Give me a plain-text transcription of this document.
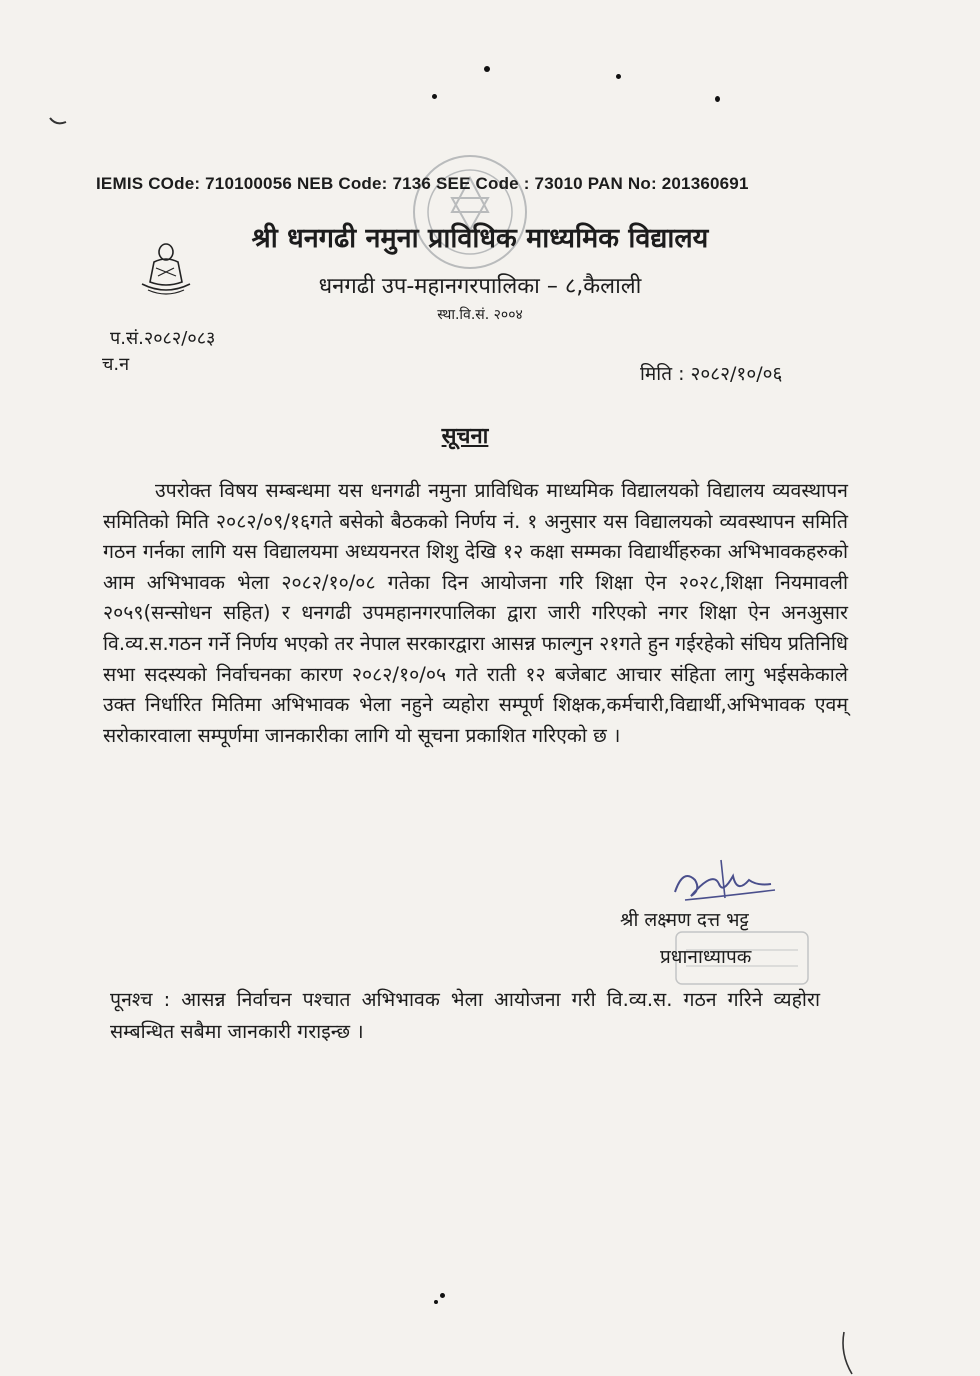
IEMIS COde: 710100056 NEB Code: 7136 SEE Code : 73010 PAN No: 201360691
श्री धनगढी नमुना प्राविधिक माध्यमिक विद्यालय
धनगढी उप-महानगरपालिका – ८,कैलाली
स्था.वि.सं. २००४
प.सं.२०८२/०८३
च.न	मिति : २०८२/१०/०६
सूचना
उपरोक्त विषय सम्बन्धमा यस धनगढी नमुना प्राविधिक माध्यमिक विद्यालयको विद्यालय व्यवस्थापन समितिको मिति २०८२/०९/१६गते बसेको बैठकको निर्णय नं. १ अनुसार यस विद्यालयको व्यवस्थापन समिति गठन गर्नका लागि यस विद्यालयमा अध्ययनरत शिशु देखि १२ कक्षा सम्मका विद्यार्थीहरुका अभिभावकहरुको आम अभिभावक भेला २०८२/१०/०८ गतेका दिन आयोजना गरि शिक्षा ऐन २०२८,शिक्षा नियमावली २०५९(सन्सोधन सहित) र धनगढी उपमहानगरपालिका द्वारा जारी गरिएको नगर शिक्षा ऐन अनअुसार वि.व्य.स.गठन गर्ने निर्णय भएको तर नेपाल सरकारद्वारा आसन्न फाल्गुन २१गते हुन गईरहेको संघिय प्रतिनिधि सभा सदस्यको निर्वाचनका कारण २०८२/१०/०५ गते राती १२ बजेबाट आचार संहिता लागु भईसकेकाले उक्त निर्धारित मितिमा अभिभावक भेला नहुने व्यहोरा सम्पूर्ण शिक्षक,कर्मचारी,विद्यार्थी,अभिभावक एवम् सरोकारवाला सम्पूर्णमा जानकारीका लागि यो सूचना प्रकाशित गरिएको छ ।
श्री लक्ष्मण दत्त भट्ट
प्रधानाध्यापक
पूनश्च : आसन्न निर्वाचन पश्चात अभिभावक भेला आयोजना गरी वि.व्य.स. गठन गरिने व्यहोरा सम्बन्धित सबैमा जानकारी गराइन्छ ।
